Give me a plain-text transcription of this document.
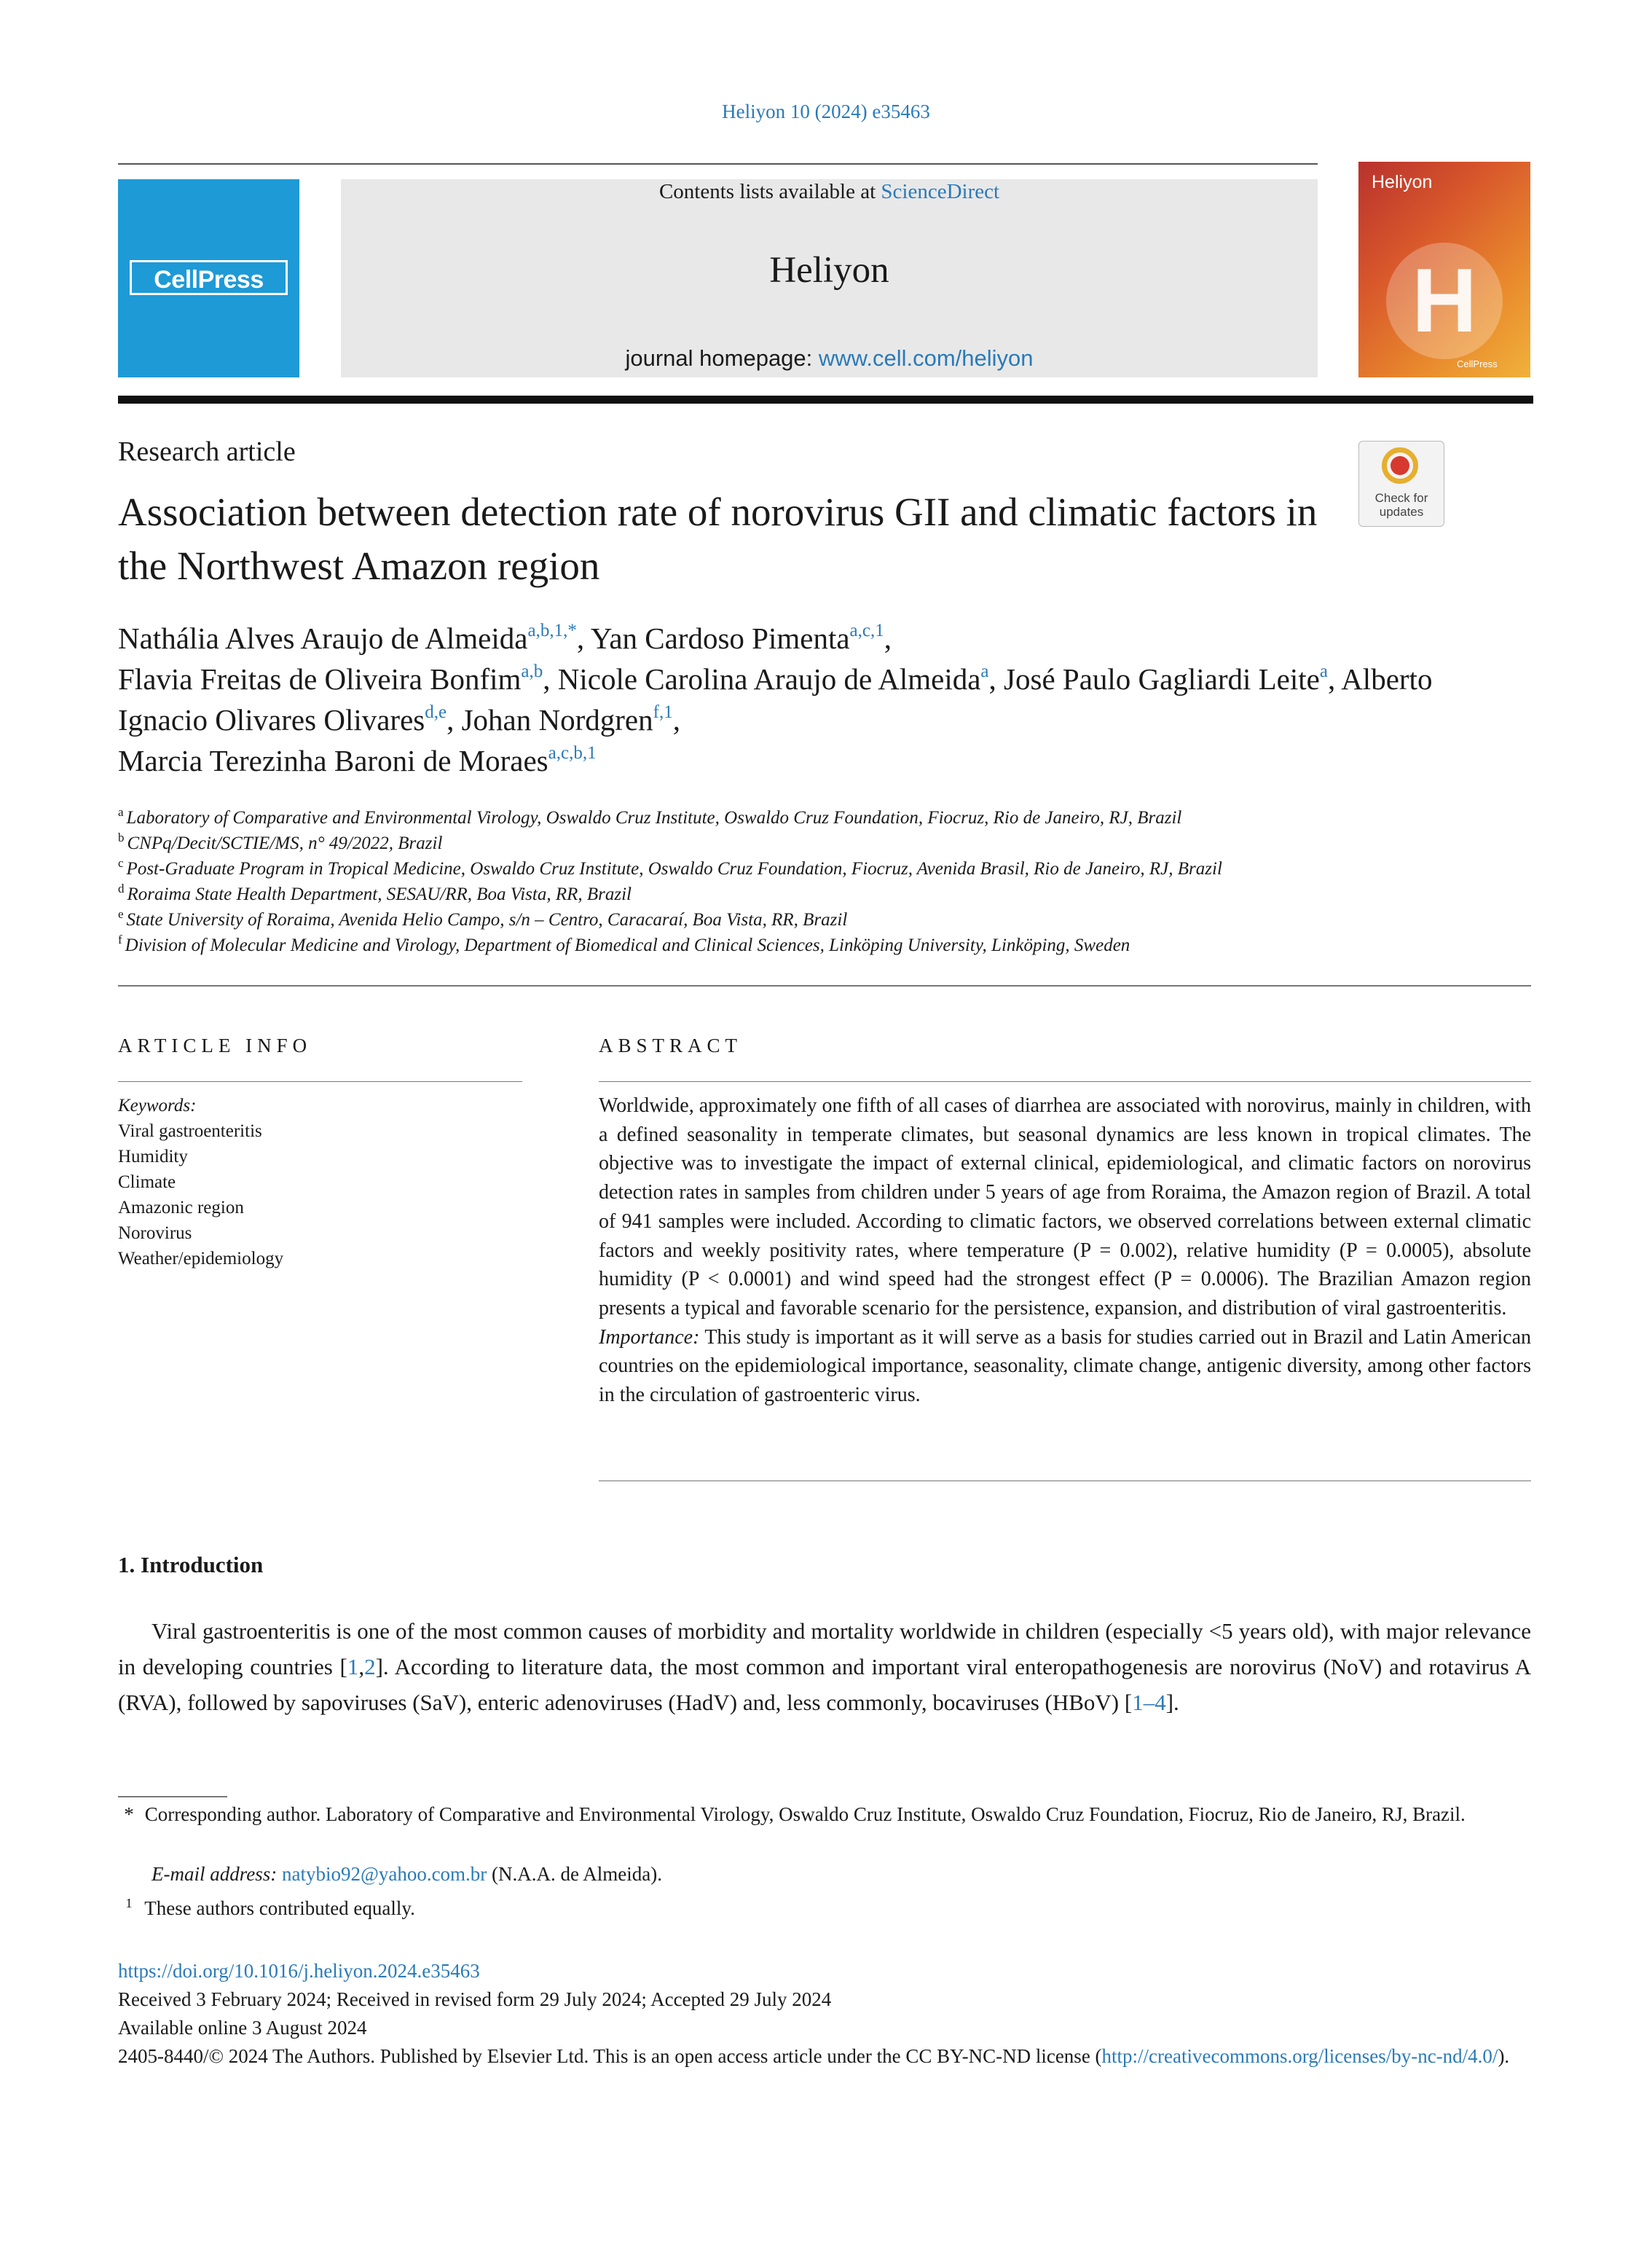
Heliyon 10 (2024) e35463
CellPress
Contents lists available at ScienceDirect
Heliyon
journal homepage: www.cell.com/heliyon
Heliyon
H
CellPress
Research article
Check for updates
Association between detection rate of norovirus GII and climatic factors in the Northwest Amazon region
Nathália Alves Araujo de Almeida$^{a,b,1,*}$, Yan Cardoso Pimenta$^{a,c,1}$,
Flavia Freitas de Oliveira Bonfim$^{a,b}$, Nicole Carolina Araujo de Almeida$^a$, José Paulo Gagliardi Leite$^a$, Alberto Ignacio Olivares Olivares$^{d,e}$, Johan Nordgren$^{f,1}$,
Marcia Terezinha Baroni de Moraes$^{a,c,b,1}$
$^a$ Laboratory of Comparative and Environmental Virology, Oswaldo Cruz Institute, Oswaldo Cruz Foundation, Fiocruz, Rio de Janeiro, RJ, Brazil
$^b$ CNPq/Decit/SCTIE/MS, n° 49/2022, Brazil
$^c$ Post-Graduate Program in Tropical Medicine, Oswaldo Cruz Institute, Oswaldo Cruz Foundation, Fiocruz, Avenida Brasil, Rio de Janeiro, RJ, Brazil
$^d$ Roraima State Health Department, SESAU/RR, Boa Vista, RR, Brazil
$^e$ State University of Roraima, Avenida Helio Campo, s/n – Centro, Caracaraí, Boa Vista, RR, Brazil
$^f$ Division of Molecular Medicine and Virology, Department of Biomedical and Clinical Sciences, Linköping University, Linköping, Sweden
ARTICLE INFO
Keywords:
Viral gastroenteritis
Humidity
Climate
Amazonic region
Norovirus
Weather/epidemiology
ABSTRACT
Worldwide, approximately one fifth of all cases of diarrhea are associated with norovirus, mainly in children, with a defined seasonality in temperate climates, but seasonal dynamics are less known in tropical climates. The objective was to investigate the impact of external clinical, epidemiological, and climatic factors on norovirus detection rates in samples from children under 5 years of age from Roraima, the Amazon region of Brazil. A total of 941 samples were included. According to climatic factors, we observed correlations between external climatic factors and weekly positivity rates, where temperature (P = 0.002), relative humidity (P = 0.0005), absolute humidity (P < 0.0001) and wind speed had the strongest effect (P = 0.0006). The Brazilian Amazon region presents a typical and favorable scenario for the persistence, expansion, and distribution of viral gastroenteritis.
Importance: This study is important as it will serve as a basis for studies carried out in Brazil and Latin American countries on the epidemiological importance, seasonality, climate change, antigenic diversity, among other factors in the circulation of gastroenteric virus.
1. Introduction
Viral gastroenteritis is one of the most common causes of morbidity and mortality worldwide in children (especially <5 years old), with major relevance in developing countries [1,2]. According to literature data, the most common and important viral enteropathogenesis are norovirus (NoV) and rotavirus A (RVA), followed by sapoviruses (SaV), enteric adenoviruses (HadV) and, less commonly, bocaviruses (HBoV) [1–4].
* Corresponding author. Laboratory of Comparative and Environmental Virology, Oswaldo Cruz Institute, Oswaldo Cruz Foundation, Fiocruz, Rio de Janeiro, RJ, Brazil.
E-mail address: natybio92@yahoo.com.br (N.A.A. de Almeida).
$^1$ These authors contributed equally.
https://doi.org/10.1016/j.heliyon.2024.e35463
Received 3 February 2024; Received in revised form 29 July 2024; Accepted 29 July 2024
Available online 3 August 2024
2405-8440/© 2024 The Authors. Published by Elsevier Ltd. This is an open access article under the CC BY-NC-ND license (http://creativecommons.org/licenses/by-nc-nd/4.0/).
